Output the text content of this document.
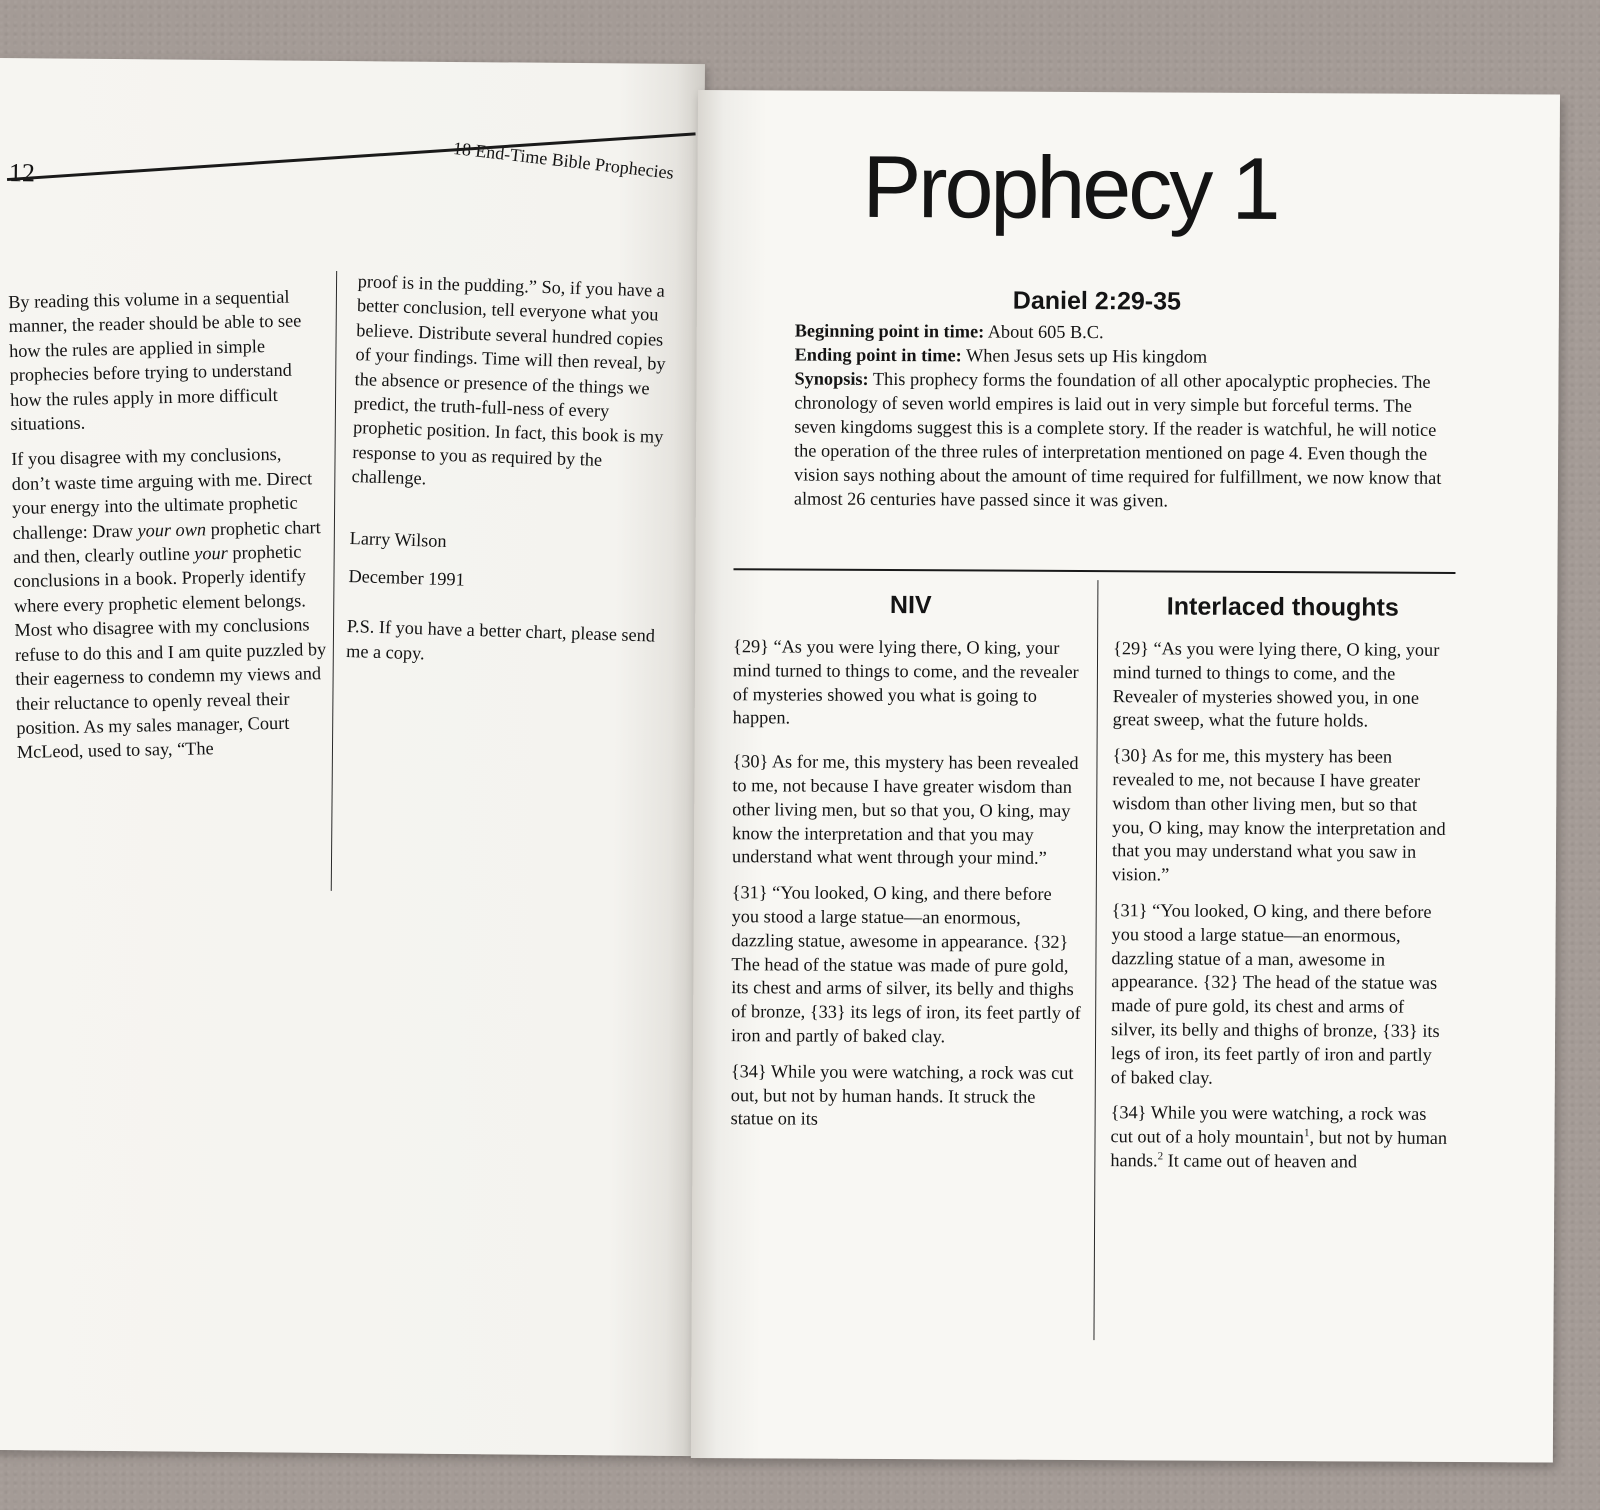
12	18 End-Time Bible Prophecies

By reading this volume in a sequential manner, the reader should be able to see how the rules are applied in simple prophecies before trying to understand how the rules apply in more difficult situations.

If you disagree with my conclusions, don’t waste time arguing with me. Direct your energy into the ultimate prophetic challenge: Draw your own prophetic chart and then, clearly outline your prophetic conclusions in a book. Properly identify where every prophetic element belongs. Most who disagree with my conclusions refuse to do this and I am quite puzzled by their eagerness to condemn my views and their reluctance to openly reveal their position. As my sales manager, Court McLeod, used to say, “The

proof is in the pudding.” So, if you have a better conclusion, tell everyone what you believe. Distribute several hundred copies of your findings. Time will then reveal, by the absence or presence of the things we predict, the truth-full-ness of every prophetic position. In fact, this book is my response to you as required by the challenge.

Larry Wilson

December 1991

P.S. If you have a better chart, please send me a copy.

Prophecy 1
Daniel 2:29-35

Beginning point in time: About 605 B.C.

Ending point in time: When Jesus sets up His kingdom

Synopsis: This prophecy forms the foundation of all other apocalyptic prophecies. The chronology of seven world empires is laid out in very simple but forceful terms. The seven kingdoms suggest this is a complete story. If the reader is watchful, he will notice the operation of the three rules of interpretation mentioned on page 4. Even though the vision says nothing about the amount of time required for fulfillment, we now know that almost 26 centuries have passed since it was given.

NIV	Interlaced thoughts

{29} “As you were lying there, O king, your mind turned to things to come, and the revealer of mysteries showed you what is going to happen.

{30} As for me, this mystery has been revealed to me, not because I have greater wisdom than other living men, but so that you, O king, may know the interpretation and that you may understand what went through your mind.”

{31} “You looked, O king, and there before you stood a large statue—an enormous, dazzling statue, awesome in appearance. {32} The head of the statue was made of pure gold, its chest and arms of silver, its belly and thighs of bronze, {33} its legs of iron, its feet partly of iron and partly of baked clay.

{34} While you were watching, a rock was cut out, but not by human hands. It struck the statue on its

{29} “As you were lying there, O king, your mind turned to things to come, and the Revealer of mysteries showed you, in one great sweep, what the future holds.

{30} As for me, this mystery has been revealed to me, not because I have greater wisdom than other living men, but so that you, O king, may know the interpretation and that you may understand what you saw in vision.”

{31} “You looked, O king, and there before you stood a large statue—an enormous, dazzling statue of a man, awesome in appearance. {32} The head of the statue was made of pure gold, its chest and arms of silver, its belly and thighs of bronze, {33} its legs of iron, its feet partly of iron and partly of baked clay.

{34} While you were watching, a rock was cut out of a holy mountain$^1$, but not by human hands.$^2$ It came out of heaven and
